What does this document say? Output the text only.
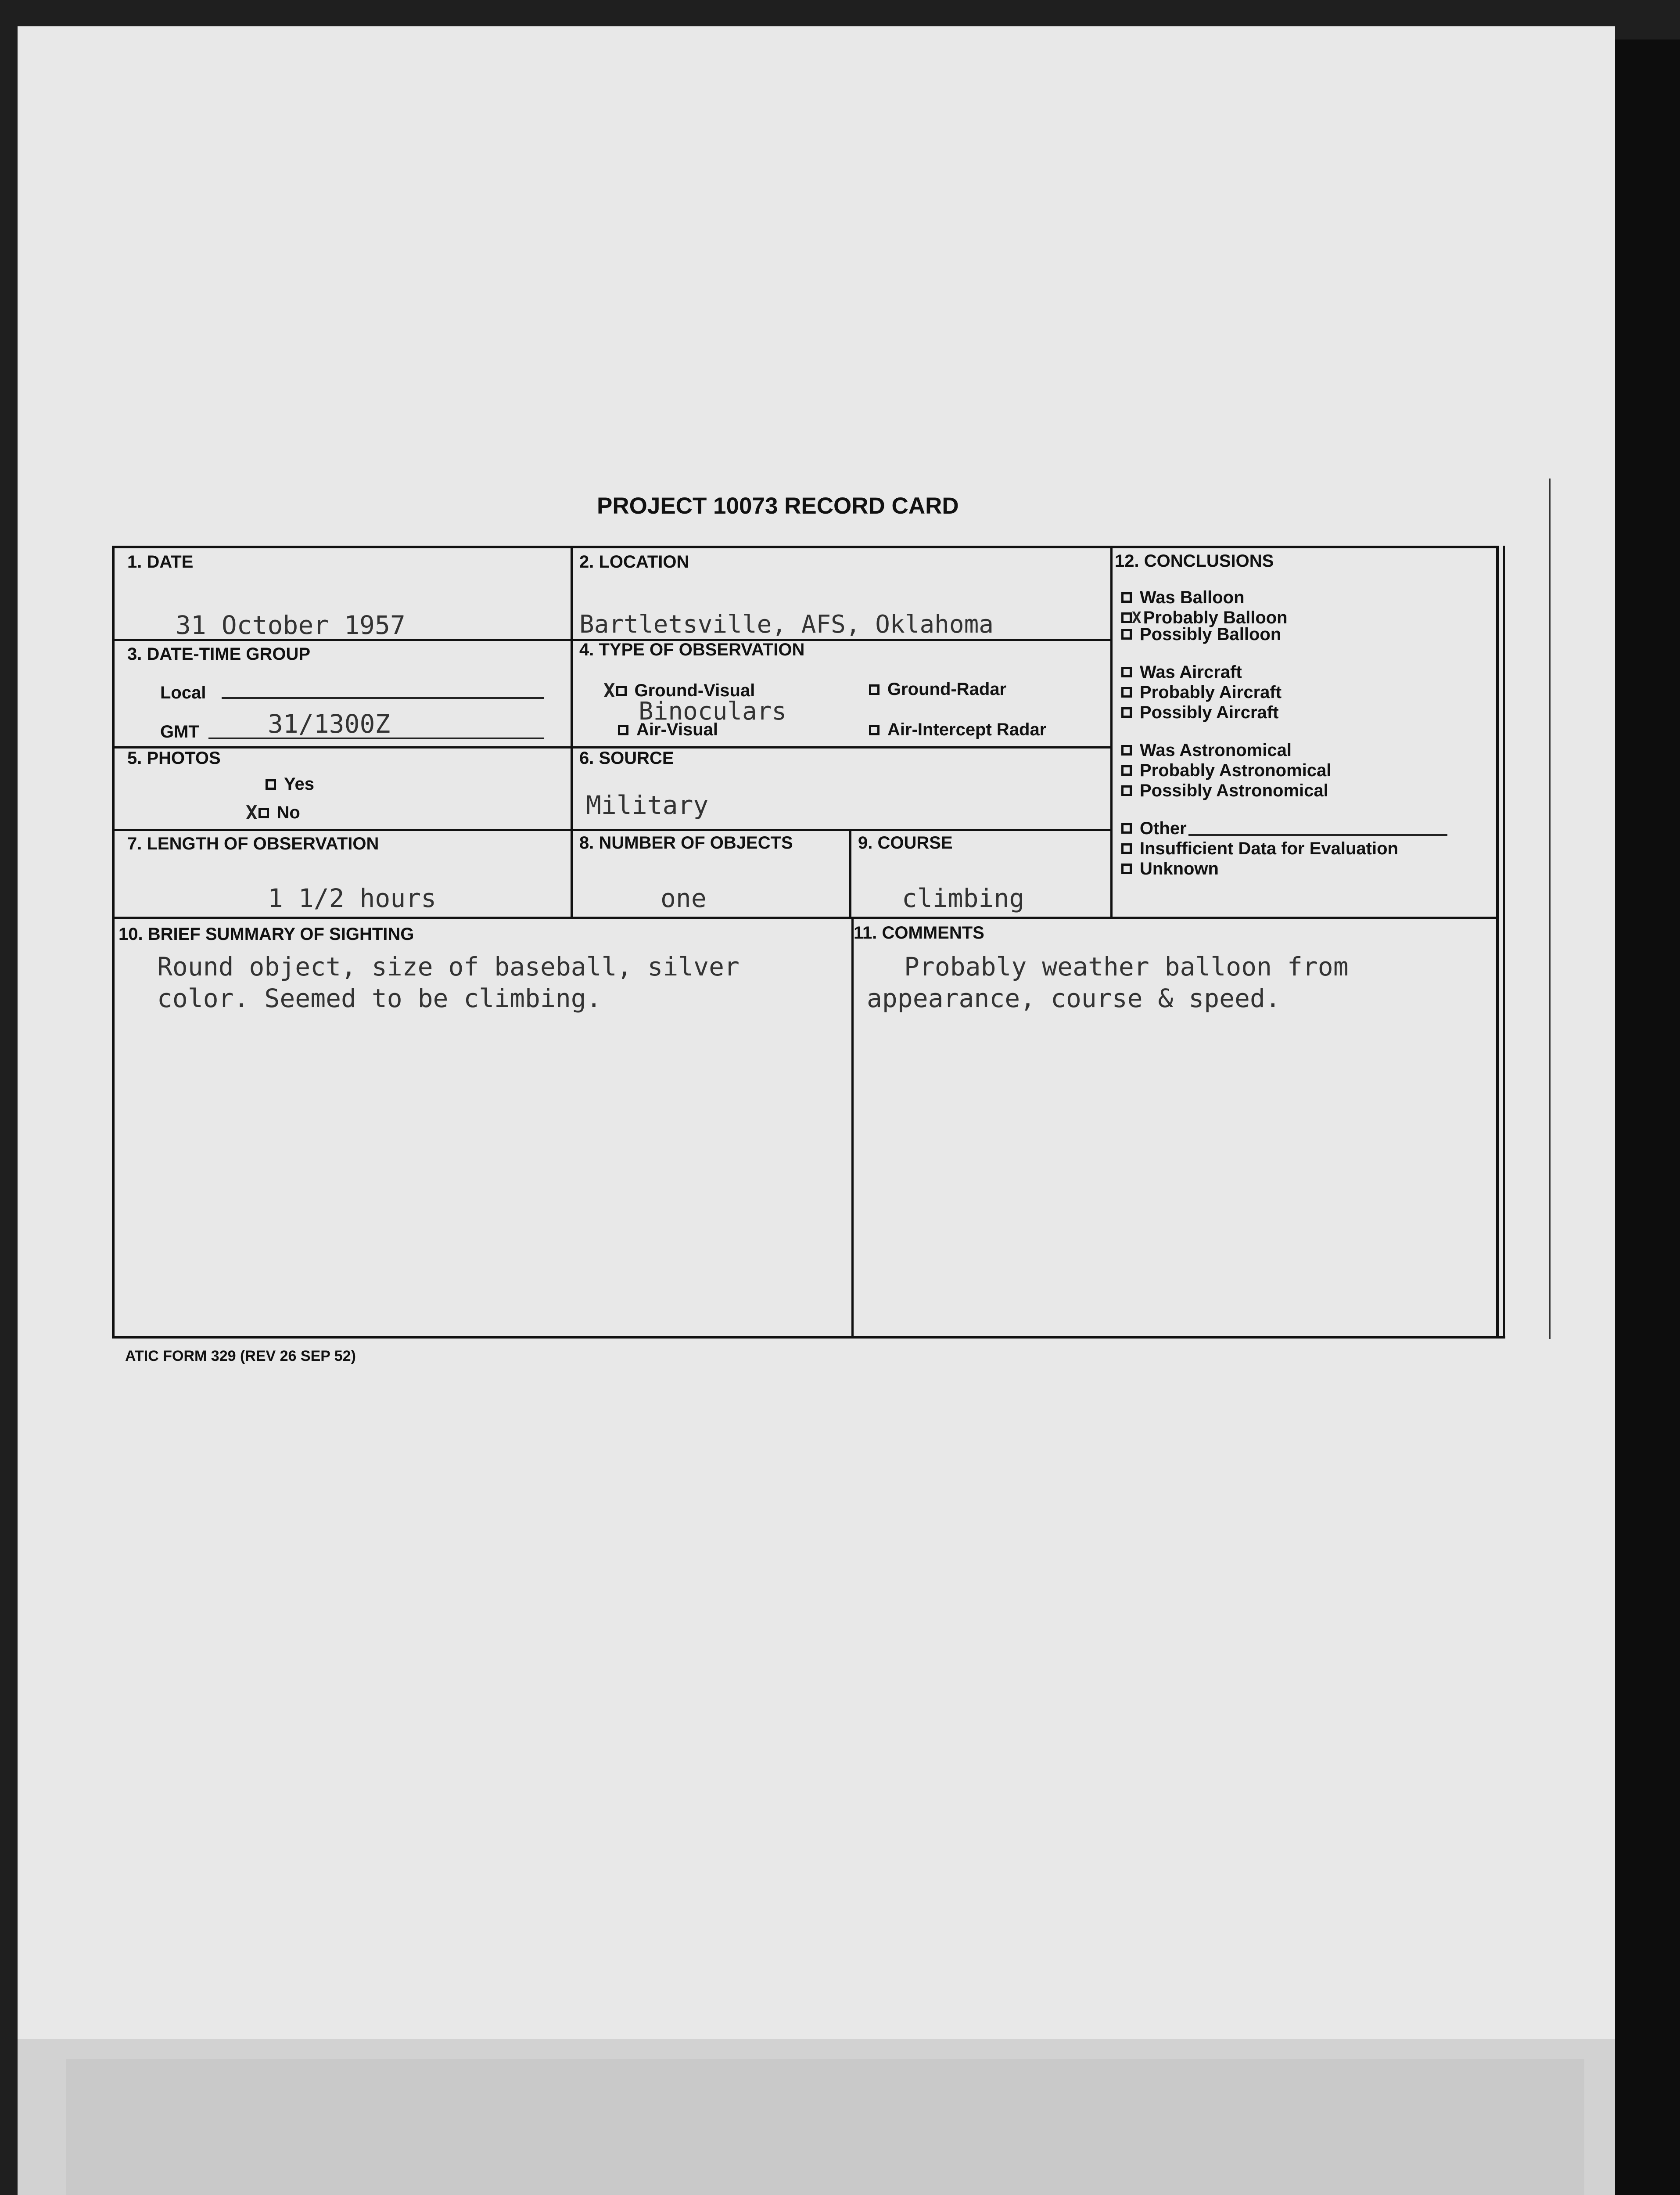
PROJECT 10073 RECORD CARD
1. DATE
31 October 1957
2. LOCATION
Bartletsville, AFS, Oklahoma
3. DATE-TIME GROUP
Local
GMT	31/1300Z
4. TYPE OF OBSERVATION
X Ground-Visual	Ground-Radar
Binoculars
Air-Visual	Air-Intercept Radar
5. PHOTOS
Yes
X No
6. SOURCE
Military
7. LENGTH OF OBSERVATION
1 1/2 hours
8. NUMBER OF OBJECTS
one
9. COURSE
climbing
10. BRIEF SUMMARY OF SIGHTING
Round object, size of baseball, silver
color. Seemed to be climbing.
11. COMMENTS
Probably weather balloon from
appearance, course & speed.
12. CONCLUSIONS
Was Balloon
X Probably Balloon
Possibly Balloon
Was Aircraft
Probably Aircraft
Possibly Aircraft
Was Astronomical
Probably Astronomical
Possibly Astronomical
Other
Insufficient Data for Evaluation
Unknown
ATIC FORM 329 (REV 26 SEP 52)
